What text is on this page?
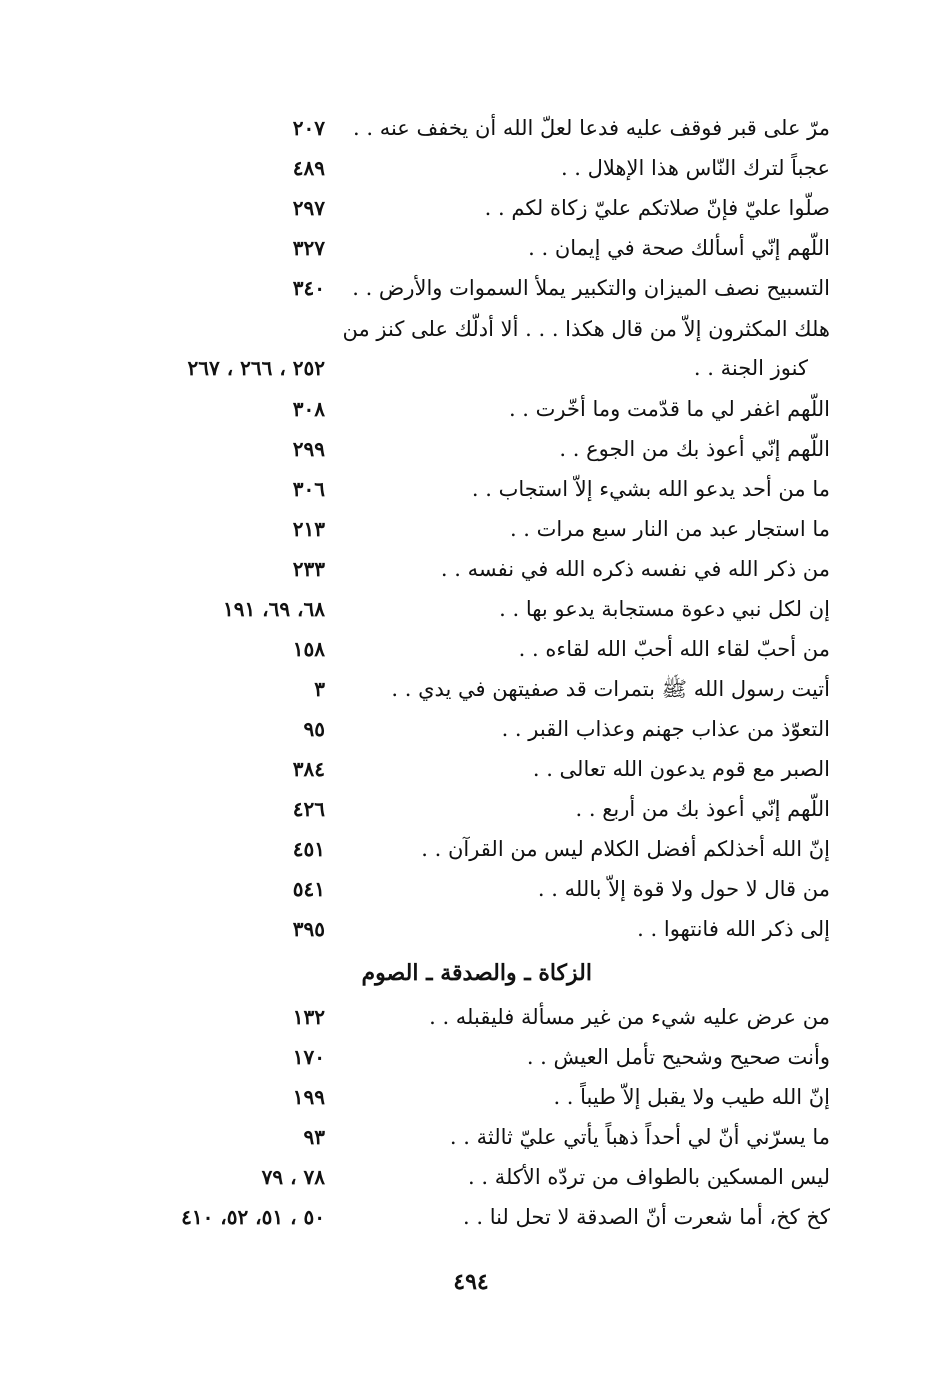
مرّ على قبر فوقف عليه فدعا لعلّ الله أن يخفف عنه . .
٢٠٧
عجباً لترك النّاس هذا الإهلال . .
٤٨٩
صلّوا عليّ فإنّ صلاتكم عليّ زكاة لكم . .
٢٩٧
اللّهم إنّي أسألك صحة في إيمان . .
٣٢٧
التسبيح نصف الميزان والتكبير يملأ السموات والأرض . .
٣٤٠
هلك المكثرون إلاّ من قال هكذا . . . ألا أدلّك على كنز من
كنوز الجنة . .
٢٥٢ ، ٢٦٦ ، ٢٦٧
اللّهم اغفر لي ما قدّمت وما أخّرت . .
٣٠٨
اللّهم إنّي أعوذ بك من الجوع . .
٢٩٩
ما من أحد يدعو الله بشيء إلاّ استجاب . .
٣٠٦
ما استجار عبد من النار سبع مرات . .
٢١٣
من ذكر الله في نفسه ذكره الله في نفسه . .
٢٣٣
إن لكل نبي دعوة مستجابة يدعو بها . .
٦٨، ٦٩، ١٩١
من أحبّ لقاء الله أحبّ الله لقاءه . .
١٥٨
أتيت رسول الله ﷺ بتمرات قد صفيتهن في يدي . .
٣
التعوّذ من عذاب جهنم وعذاب القبر . .
٩٥
الصبر مع قوم يدعون الله تعالى . .
٣٨٤
اللّهم إنّي أعوذ بك من أربع . .
٤٢٦
إنّ الله أخذلكم أفضل الكلام ليس من القرآن . .
٤٥١
من قال لا حول ولا قوة إلاّ بالله . .
٥٤١
إلى ذكر الله فانتهوا . .
٣٩٥
الزكاة ـ والصدقة ـ الصوم
من عرض عليه شيء من غير مسألة فليقبله . .
١٣٢
وأنت صحيح وشحيح تأمل العيش . .
١٧٠
إنّ الله طيب ولا يقبل إلاّ طيباً . .
١٩٩
ما يسرّني أنّ لي أحداً ذهباً يأتي عليّ ثالثة . .
٩٣
ليس المسكين بالطواف من تردّه الأكلة . .
٧٨ ، ٧٩
كخ كخ، أما شعرت أنّ الصدقة لا تحل لنا . .
٥٠ ، ٥١، ٥٢، ٤١٠
٤٩٤
